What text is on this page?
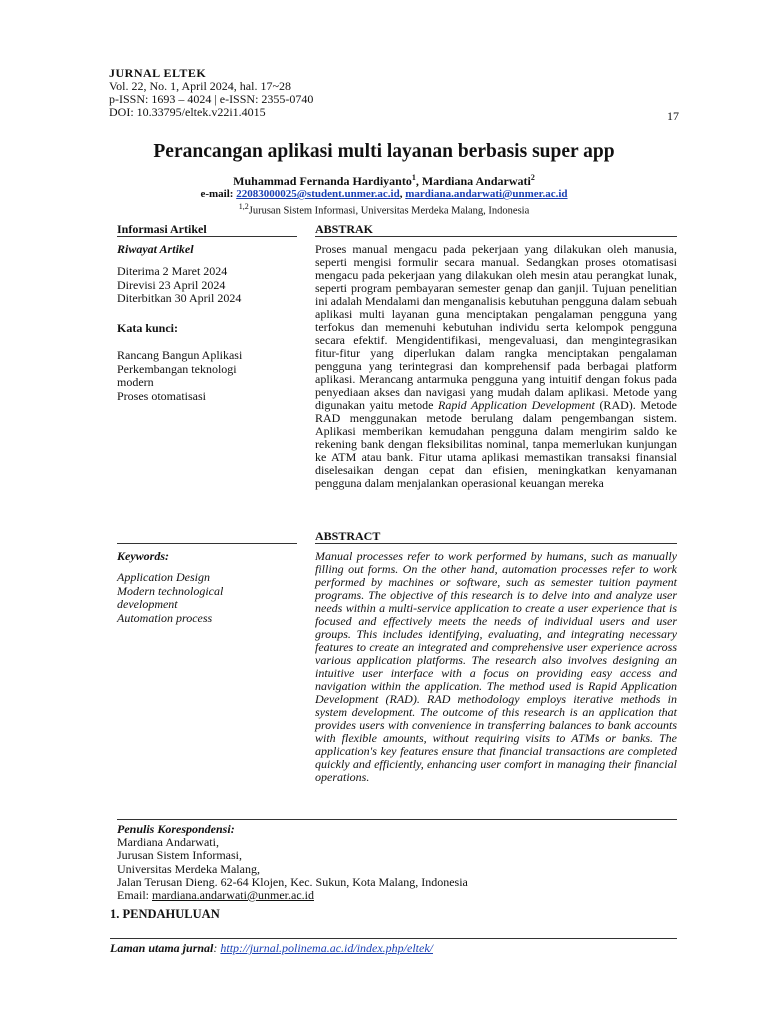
JURNAL ELTEK
Vol. 22, No. 1, April 2024, hal. 17~28
p-ISSN: 1693 – 4024 | e-ISSN: 2355-0740
DOI: 10.33795/eltek.v22i1.4015	17
Perancangan aplikasi multi layanan berbasis super app
Muhammad Fernanda Hardiyanto$^1$, Mardiana Andarwati$^2$
e-mail: 22083000025@student.unmer.ac.id, mardiana.andarwati@unmer.ac.id
$^{1,2}$Jurusan Sistem Informasi, Universitas Merdeka Malang, Indonesia
Informasi Artikel	ABSTRAK
Riwayat Artikel
Diterima 2 Maret 2024
Direvisi 23 April 2024
Diterbitkan 30 April 2024
Kata kunci:
Rancang Bangun Aplikasi
Perkembangan teknologi modern
Proses otomatisasi
Proses manual mengacu pada pekerjaan yang dilakukan oleh manusia, seperti mengisi formulir secara manual. Sedangkan proses otomatisasi mengacu pada pekerjaan yang dilakukan oleh mesin atau perangkat lunak, seperti program pembayaran semester genap dan ganjil. Tujuan penelitian ini adalah Mendalami dan menganalisis kebutuhan pengguna dalam sebuah aplikasi multi layanan guna menciptakan pengalaman pengguna yang terfokus dan memenuhi kebutuhan individu serta kelompok pengguna secara efektif. Mengidentifikasi, mengevaluasi, dan mengintegrasikan fitur-fitur yang diperlukan dalam rangka menciptakan pengalaman pengguna yang terintegrasi dan komprehensif pada berbagai platform aplikasi. Merancang antarmuka pengguna yang intuitif dengan fokus pada penyediaan akses dan navigasi yang mudah dalam aplikasi. Metode yang digunakan yaitu metode Rapid Application Development (RAD). Metode RAD menggunakan metode berulang dalam pengembangan sistem. Aplikasi memberikan kemudahan pengguna dalam mengirim saldo ke rekening bank dengan fleksibilitas nominal, tanpa memerlukan kunjungan ke ATM atau bank. Fitur utama aplikasi memastikan transaksi finansial diselesaikan dengan cepat dan efisien, meningkatkan kenyamanan pengguna dalam menjalankan operasional keuangan mereka
ABSTRACT
Keywords:
Application Design
Modern technological development
Automation process
Manual processes refer to work performed by humans, such as manually filling out forms. On the other hand, automation processes refer to work performed by machines or software, such as semester tuition payment programs. The objective of this research is to delve into and analyze user needs within a multi-service application to create a user experience that is focused and effectively meets the needs of individual users and user groups. This includes identifying, evaluating, and integrating necessary features to create an integrated and comprehensive user experience across various application platforms. The research also involves designing an intuitive user interface with a focus on providing easy access and navigation within the application. The method used is Rapid Application Development (RAD). RAD methodology employs iterative methods in system development. The outcome of this research is an application that provides users with convenience in transferring balances to bank accounts with flexible amounts, without requiring visits to ATMs or banks. The application's key features ensure that financial transactions are completed quickly and efficiently, enhancing user comfort in managing their financial operations.
Penulis Korespondensi:
Mardiana Andarwati,
Jurusan Sistem Informasi,
Universitas Merdeka Malang,
Jalan Terusan Dieng. 62-64 Klojen, Kec. Sukun, Kota Malang, Indonesia
Email: mardiana.andarwati@unmer.ac.id
1. PENDAHULUAN
Laman utama jurnal: http://jurnal.polinema.ac.id/index.php/eltek/
